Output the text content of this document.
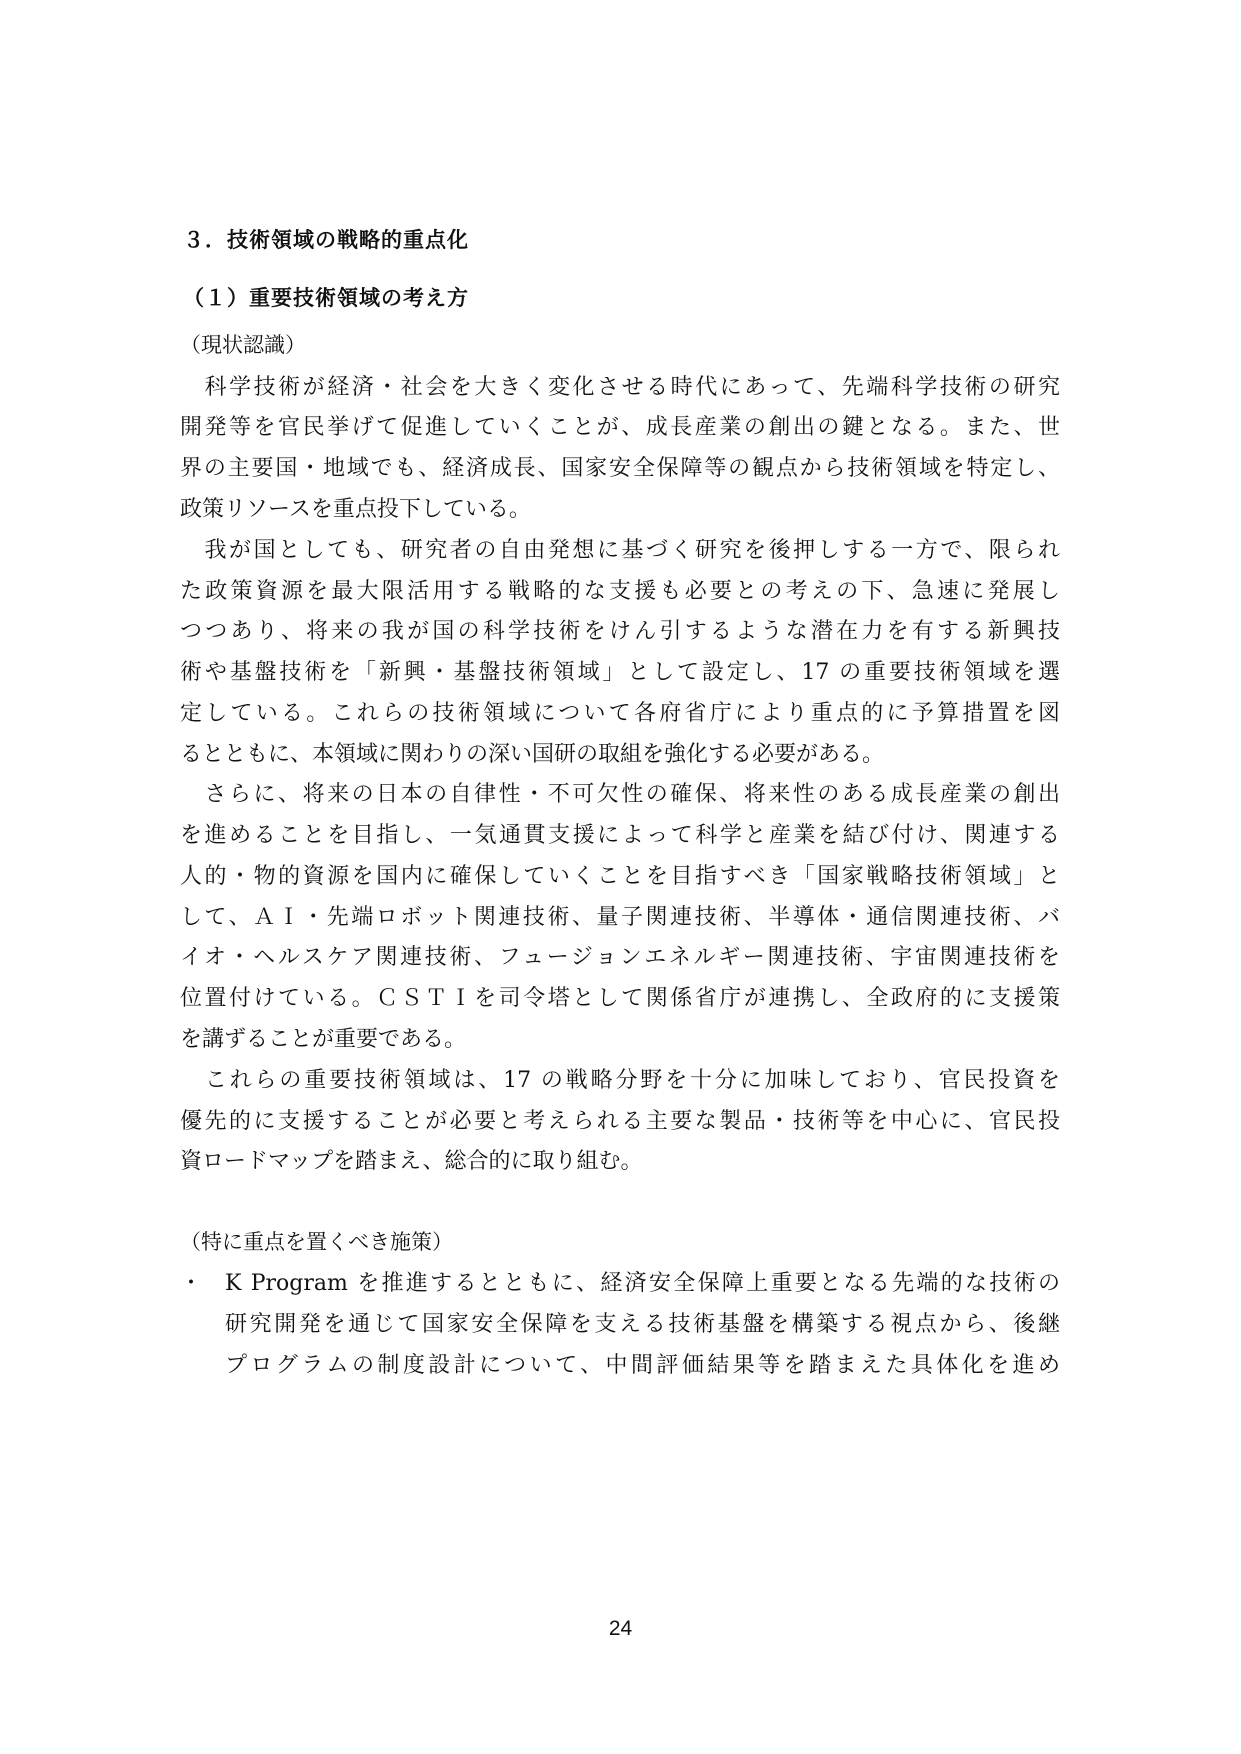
３．技術領域の戦略的重点化
（１）重要技術領域の考え方
（現状認識）
　科学技術が経済・社会を大きく変化させる時代にあって、先端科学技術の研究
開発等を官民挙げて促進していくことが、成長産業の創出の鍵となる。また、世
界の主要国・地域でも、経済成長、国家安全保障等の観点から技術領域を特定し、
政策リソースを重点投下している。
　我が国としても、研究者の自由発想に基づく研究を後押しする一方で、限られ
た政策資源を最大限活用する戦略的な支援も必要との考えの下、急速に発展し
つつあり、将来の我が国の科学技術をけん引するような潜在力を有する新興技
術や基盤技術を「新興・基盤技術領域」として設定し、17 の重要技術領域を選
定している。これらの技術領域について各府省庁により重点的に予算措置を図
るとともに、本領域に関わりの深い国研の取組を強化する必要がある。
　さらに、将来の日本の自律性・不可欠性の確保、将来性のある成長産業の創出
を進めることを目指し、一気通貫支援によって科学と産業を結び付け、関連する
人的・物的資源を国内に確保していくことを目指すべき「国家戦略技術領域」と
して、ＡＩ・先端ロボット関連技術、量子関連技術、半導体・通信関連技術、バ
イオ・ヘルスケア関連技術、フュージョンエネルギー関連技術、宇宙関連技術を
位置付けている。ＣＳＴＩを司令塔として関係省庁が連携し、全政府的に支援策
を講ずることが重要である。
　これらの重要技術領域は、17 の戦略分野を十分に加味しており、官民投資を
優先的に支援することが必要と考えられる主要な製品・技術等を中心に、官民投
資ロードマップを踏まえ、総合的に取り組む。
（特に重点を置くべき施策）
・ K Program を推進するとともに、経済安全保障上重要となる先端的な技術の
研究開発を通じて国家安全保障を支える技術基盤を構築する視点から、後継
プログラムの制度設計について、中間評価結果等を踏まえた具体化を進め
24
